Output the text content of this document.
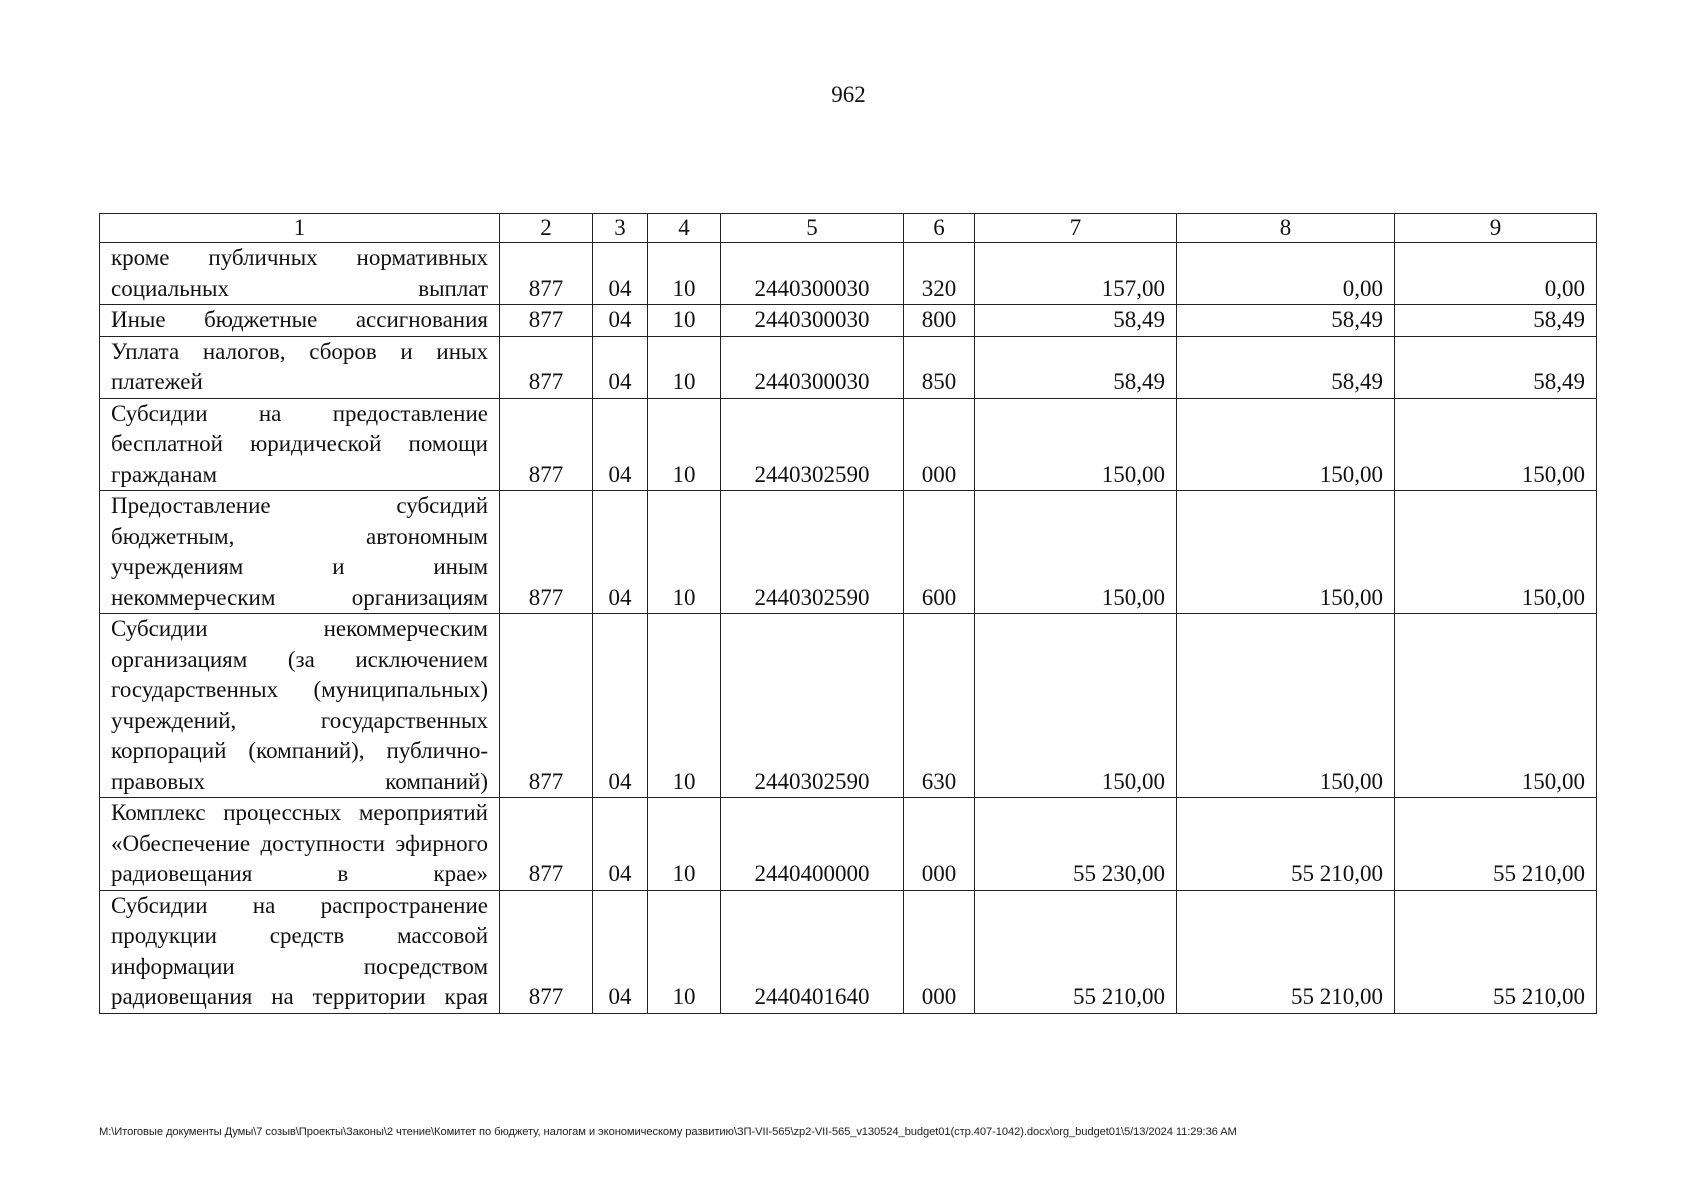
962
1	2	3	4	5	6	7	8	9
кроме публичных нормативных социальных выплат	877	04	10	2440300030	320	157,00	0,00	0,00
Иные бюджетные ассигнования	877	04	10	2440300030	800	58,49	58,49	58,49
Уплата налогов, сборов и иных платежей	877	04	10	2440300030	850	58,49	58,49	58,49
Субсидии на предоставление бесплатной юридической помощи гражданам	877	04	10	2440302590	000	150,00	150,00	150,00
Предоставление субсидий бюджетным, автономным учреждениям и иным некоммерческим организациям	877	04	10	2440302590	600	150,00	150,00	150,00
Субсидии некоммерческим организациям (за исключением государственных (муниципальных) учреждений, государственных корпораций (компаний), публично-правовых компаний)	877	04	10	2440302590	630	150,00	150,00	150,00
Комплекс процессных мероприятий «Обеспечение доступности эфирного радиовещания в крае»	877	04	10	2440400000	000	55 230,00	55 210,00	55 210,00
Субсидии на распространение продукции средств массовой информации посредством радиовещания на территории края	877	04	10	2440401640	000	55 210,00	55 210,00	55 210,00
M:\Итоговые документы Думы\7 созыв\Проекты\Законы\2 чтение\Комитет по бюджету, налогам и экономическому развитию\ЗП-VII-565\zp2-VII-565_v130524_budget01(стр.407-1042).docx\org_budget01\5/13/2024 11:29:36 AM
